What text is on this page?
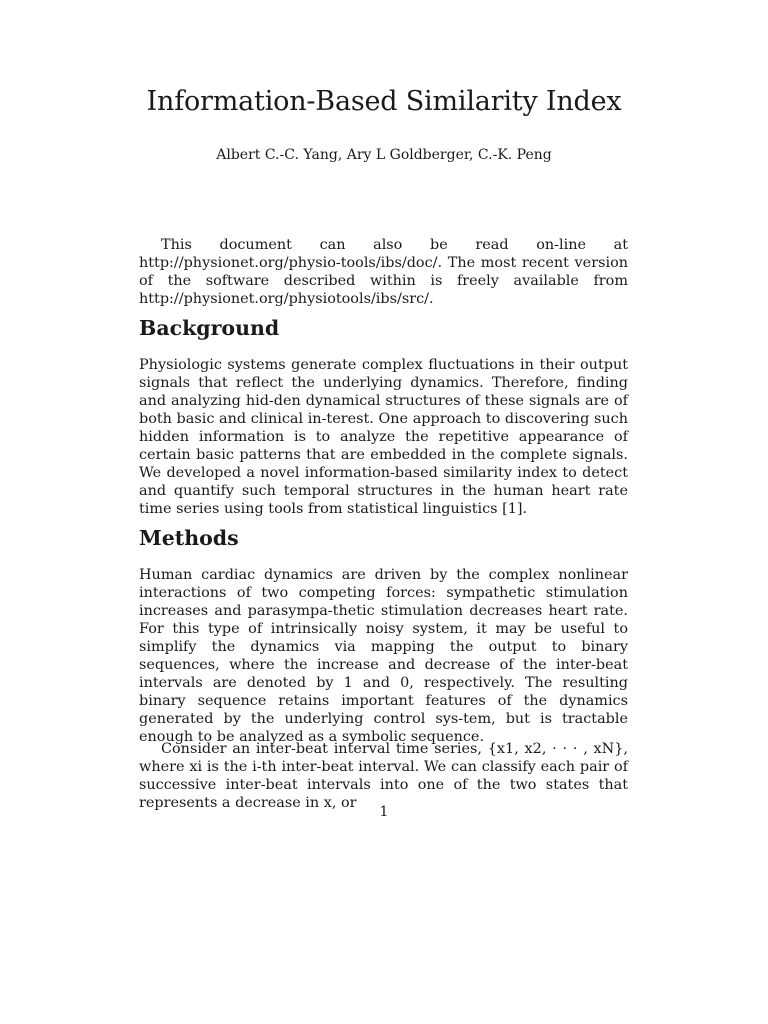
Information-Based Similarity Index
Albert C.-C. Yang, Ary L Goldberger, C.-K. Peng

This document can also be read on-line at http://physionet.org/physio-tools/ibs/doc/. The most recent version of the software described within is freely available from http://physionet.org/physiotools/ibs/src/.

Background

Physiologic systems generate complex fluctuations in their output signals that reflect the underlying dynamics. Therefore, finding and analyzing hid-den dynamical structures of these signals are of both basic and clinical in-terest. One approach to discovering such hidden information is to analyze the repetitive appearance of certain basic patterns that are embedded in the complete signals. We developed a novel information-based similarity index to detect and quantify such temporal structures in the human heart rate time series using tools from statistical linguistics [1].

Methods

Human cardiac dynamics are driven by the complex nonlinear interactions of two competing forces: sympathetic stimulation increases and parasympa-thetic stimulation decreases heart rate. For this type of intrinsically noisy system, it may be useful to simplify the dynamics via mapping the output to binary sequences, where the increase and decrease of the inter-beat intervals are denoted by 1 and 0, respectively. The resulting binary sequence retains important features of the dynamics generated by the underlying control sys-tem, but is tractable enough to be analyzed as a symbolic sequence.

Consider an inter-beat interval time series, {x1, x2, · · · , xN}, where xi is the i-th inter-beat interval. We can classify each pair of successive inter-beat intervals into one of the two states that represents a decrease in x, or

1
